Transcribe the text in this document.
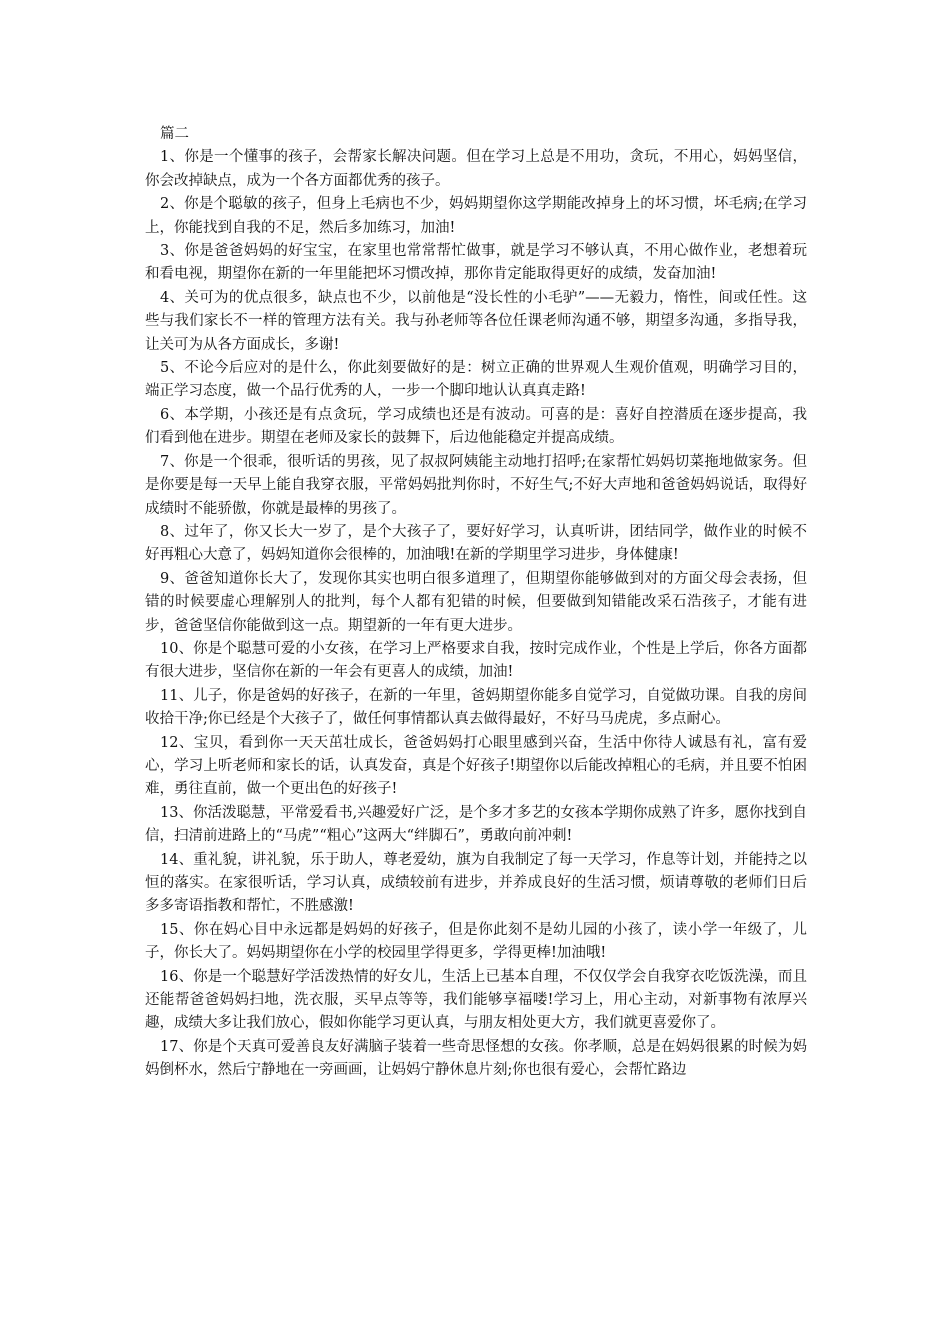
篇二

1、你是一个懂事的孩子，会帮家长解决问题。但在学习上总是不用功，贪玩，不用心，妈妈坚信，你会改掉缺点，成为一个各方面都优秀的孩子。

2、你是个聪敏的孩子，但身上毛病也不少，妈妈期望你这学期能改掉身上的坏习惯，坏毛病;在学习上，你能找到自我的不足，然后多加练习，加油!

3、你是爸爸妈妈的好宝宝，在家里也常常帮忙做事，就是学习不够认真，不用心做作业，老想着玩和看电视，期望你在新的一年里能把坏习惯改掉，那你肯定能取得更好的成绩，发奋加油!

4、关可为的优点很多，缺点也不少，以前他是“没长性的小毛驴”——无毅力，惰性，间或任性。这些与我们家长不一样的管理方法有关。我与孙老师等各位任课老师沟通不够，期望多沟通，多指导我，让关可为从各方面成长，多谢!

5、不论今后应对的是什么，你此刻要做好的是：树立正确的世界观人生观价值观，明确学习目的，端正学习态度，做一个品行优秀的人，一步一个脚印地认认真真走路!

6、本学期，小孩还是有点贪玩，学习成绩也还是有波动。可喜的是：喜好自控潜质在逐步提高，我们看到他在进步。期望在老师及家长的鼓舞下，后边他能稳定并提高成绩。

7、你是一个很乖，很听话的男孩，见了叔叔阿姨能主动地打招呼;在家帮忙妈妈切菜拖地做家务。但是你要是每一天早上能自我穿衣服，平常妈妈批判你时，不好生气;不好大声地和爸爸妈妈说话，取得好成绩时不能骄傲，你就是最棒的男孩了。

8、过年了，你又长大一岁了，是个大孩子了，要好好学习，认真听讲，团结同学，做作业的时候不好再粗心大意了，妈妈知道你会很棒的，加油哦!在新的学期里学习进步，身体健康!

9、爸爸知道你长大了，发现你其实也明白很多道理了，但期望你能够做到对的方面父母会表扬，但错的时候要虚心理解别人的批判，每个人都有犯错的时候，但要做到知错能改采石浩孩子，才能有进步，爸爸坚信你能做到这一点。期望新的一年有更大进步。

10、你是个聪慧可爱的小女孩，在学习上严格要求自我，按时完成作业，个性是上学后，你各方面都有很大进步，坚信你在新的一年会有更喜人的成绩，加油!

11、儿子，你是爸妈的好孩子，在新的一年里，爸妈期望你能多自觉学习，自觉做功课。自我的房间收拾干净;你已经是个大孩子了，做任何事情都认真去做得最好，不好马马虎虎，多点耐心。

12、宝贝，看到你一天天茁壮成长，爸爸妈妈打心眼里感到兴奋，生活中你待人诚恳有礼，富有爱心，学习上听老师和家长的话，认真发奋，真是个好孩子!期望你以后能改掉粗心的毛病，并且要不怕困难，勇往直前，做一个更出色的好孩子!

13、你活泼聪慧，平常爱看书,兴趣爱好广泛，是个多才多艺的女孩本学期你成熟了许多，愿你找到自信，扫清前进路上的“马虎”“粗心”这两大“绊脚石”，勇敢向前冲刺!

14、重礼貌，讲礼貌，乐于助人，尊老爱幼，旗为自我制定了每一天学习，作息等计划，并能持之以恒的落实。在家很听话，学习认真，成绩较前有进步，并养成良好的生活习惯，烦请尊敬的老师们日后多多寄语指教和帮忙，不胜感激!

15、你在妈心目中永远都是妈妈的好孩子，但是你此刻不是幼儿园的小孩了，读小学一年级了，儿子，你长大了。妈妈期望你在小学的校园里学得更多，学得更棒!加油哦!

16、你是一个聪慧好学活泼热情的好女儿，生活上已基本自理，不仅仅学会自我穿衣吃饭洗澡，而且还能帮爸爸妈妈扫地，洗衣服，买早点等等，我们能够享福喽!学习上，用心主动，对新事物有浓厚兴趣，成绩大多让我们放心，假如你能学习更认真，与朋友相处更大方，我们就更喜爱你了。

17、你是个天真可爱善良友好满脑子装着一些奇思怪想的女孩。你孝顺，总是在妈妈很累的时候为妈妈倒杯水，然后宁静地在一旁画画，让妈妈宁静休息片刻;你也很有爱心，会帮忙路边
